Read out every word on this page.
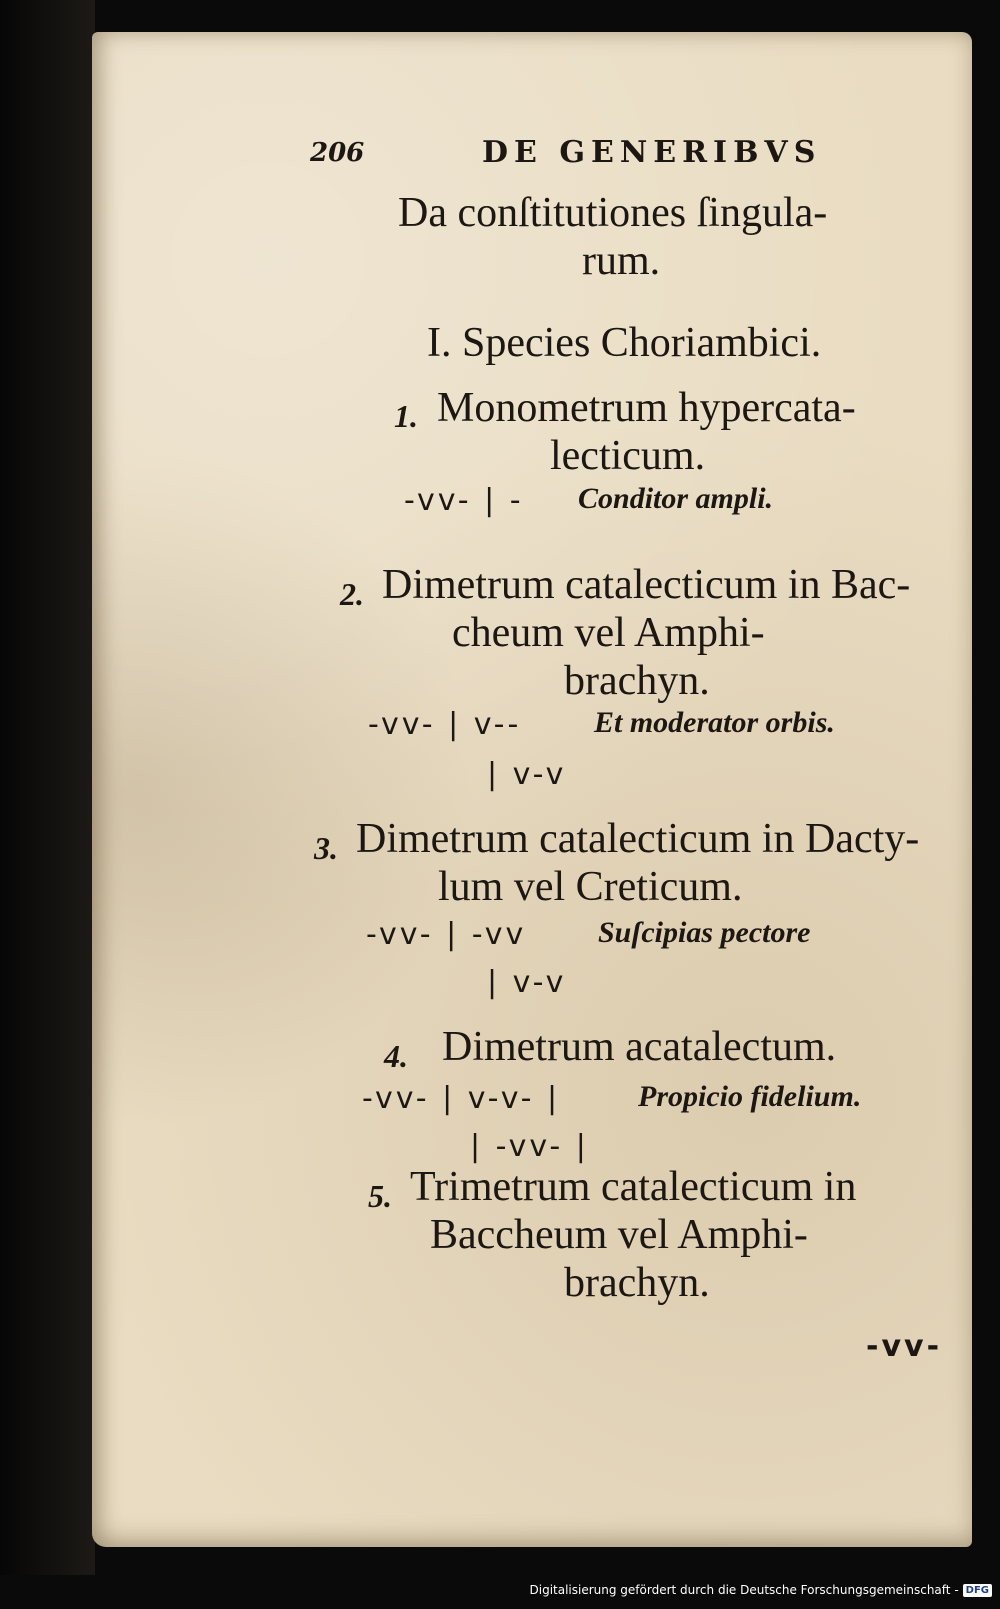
206	DE GENERIBVS
Da conſtitutiones ſingula-
rum.
I. Species Choriambici.
1. Monometrum hypercata-
lecticum.
-vv- | - Conditor ampli.
2. Dimetrum catalecticum in Bac-
cheum vel Amphi-
brachyn.
-vv- | v-- Et moderator orbis.
| v-v
3. Dimetrum catalecticum in Dacty-
lum vel Creticum.
-vv- | -vv Suſcipias pectore
| v-v
4. Dimetrum acatalectum.
-vv- | v-v- |	Propicio fidelium.
| -vv- |
5. Trimetrum catalecticum in
Baccheum vel Amphi-
brachyn.
-vv-
Digitalisierung gefördert durch die Deutsche Forschungsgemeinschaft - DFG
